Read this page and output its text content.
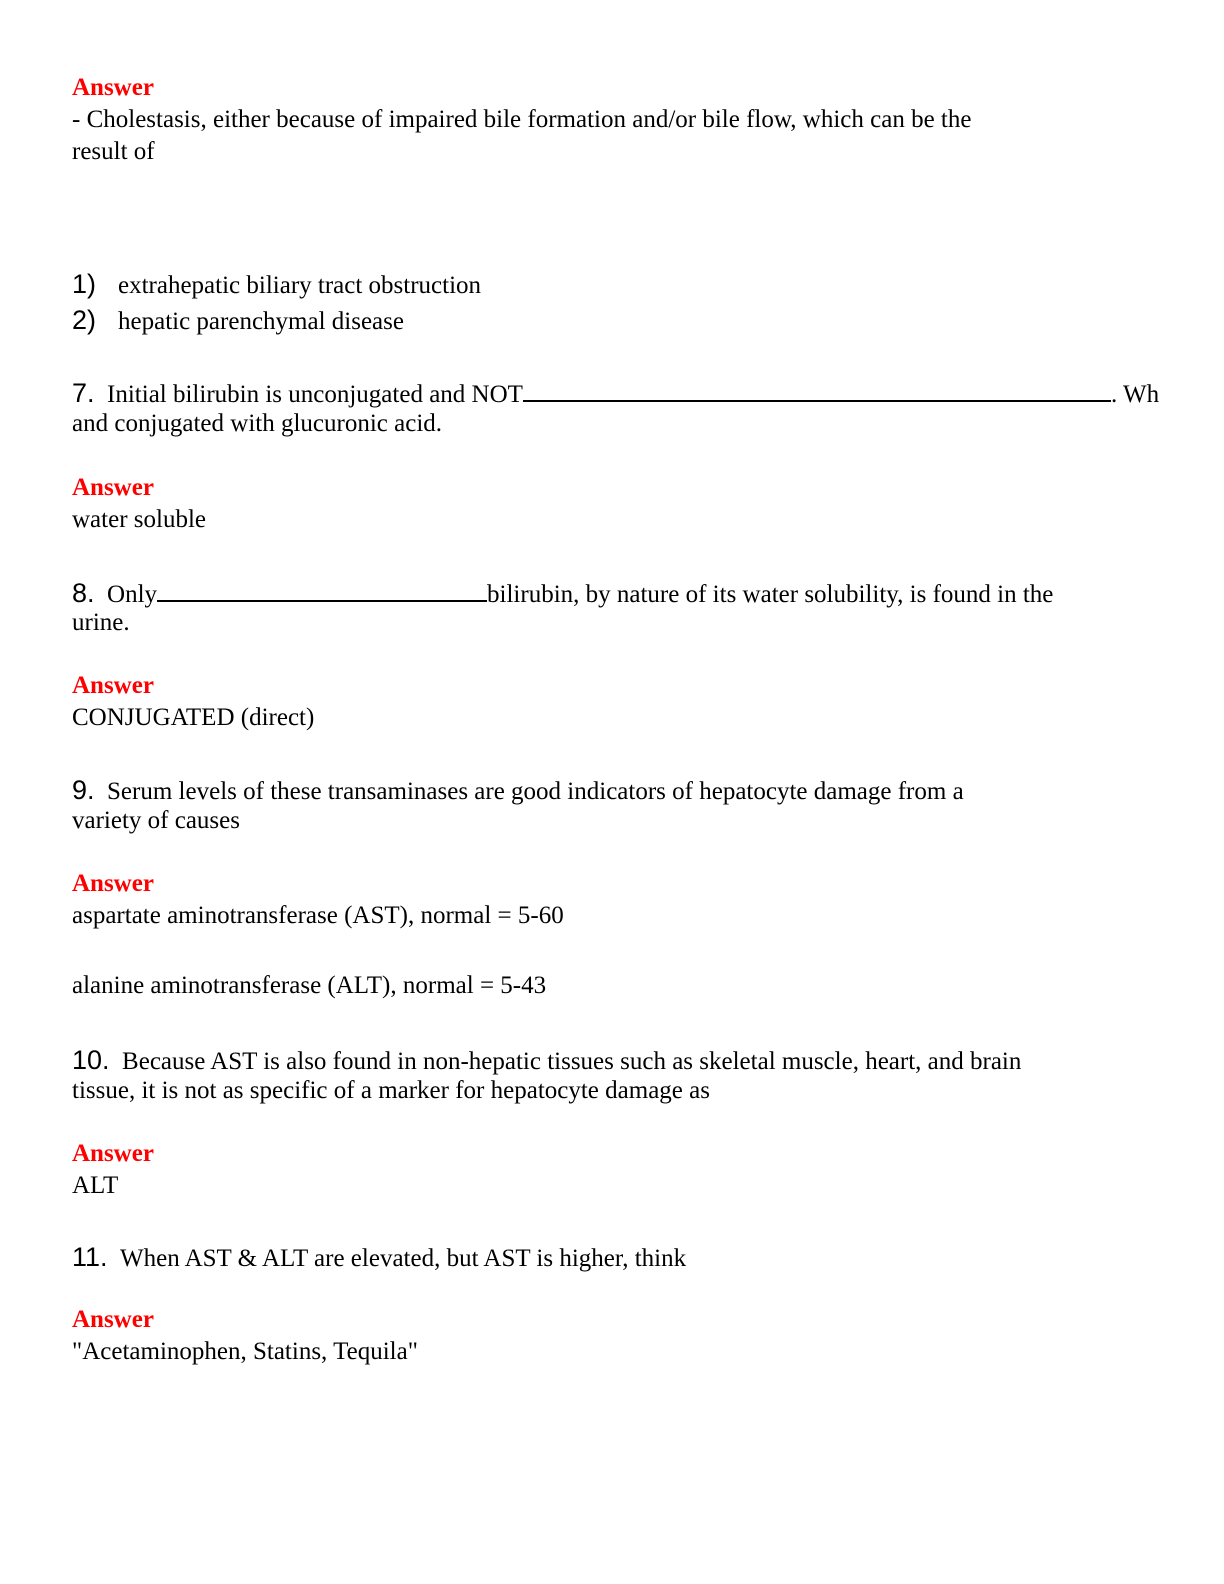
Answer
- Cholestasis, either because of impaired bile formation and/or bile flow, which can be the
result of
1) extrahepatic biliary tract obstruction
2) hepatic parenchymal disease
7. Initial bilirubin is unconjugated and NOT	. Wh
and conjugated with glucuronic acid.
Answer
water soluble
8. Only	bilirubin, by nature of its water solubility, is found in the
urine.
Answer
CONJUGATED (direct)
9. Serum levels of these transaminases are good indicators of hepatocyte damage from a
variety of causes
Answer
aspartate aminotransferase (AST), normal = 5-60
alanine aminotransferase (ALT), normal = 5-43
10. Because AST is also found in non-hepatic tissues such as skeletal muscle, heart, and brain
tissue, it is not as specific of a marker for hepatocyte damage as
Answer
ALT
11. When AST & ALT are elevated, but AST is higher, think
Answer
"Acetaminophen, Statins, Tequila"
